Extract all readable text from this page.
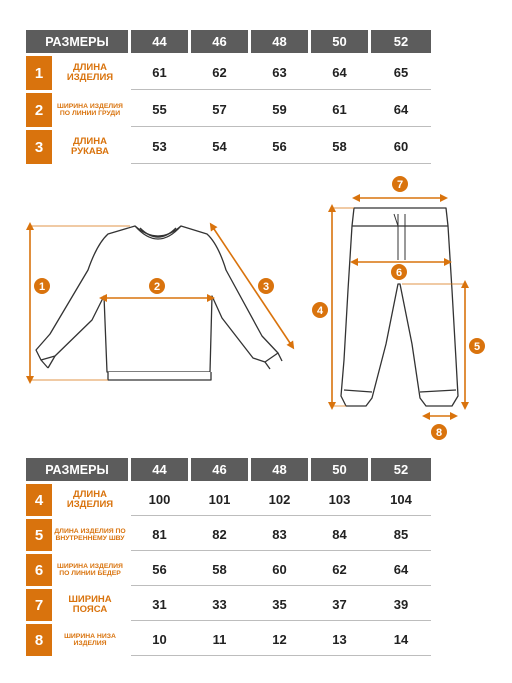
РАЗМЕРЫ	44	46	48	50	52
1	ДЛИНА ИЗДЕЛИЯ	61	62	63	64	65
2	ШИРИНА ИЗДЕЛИЯ ПО ЛИНИИ ГРУДИ	55	57	59	61	64
3	ДЛИНА РУКАВА	53	54	56	58	60
1	2	3
4
5
6
7
8
РАЗМЕРЫ	44	46	48	50	52
4	ДЛИНА ИЗДЕЛИЯ	100	101	102	103	104
5	ДЛИНА ИЗДЕЛИЯ ПО ВНУТРЕННЕМУ ШВУ	81	82	83	84	85
6	ШИРИНА ИЗДЕЛИЯ ПО ЛИНИИ БЕДЕР	56	58	60	62	64
7	ШИРИНА ПОЯСА	31	33	35	37	39
8	ШИРИНА НИЗА ИЗДЕЛИЯ	10	11	12	13	14
